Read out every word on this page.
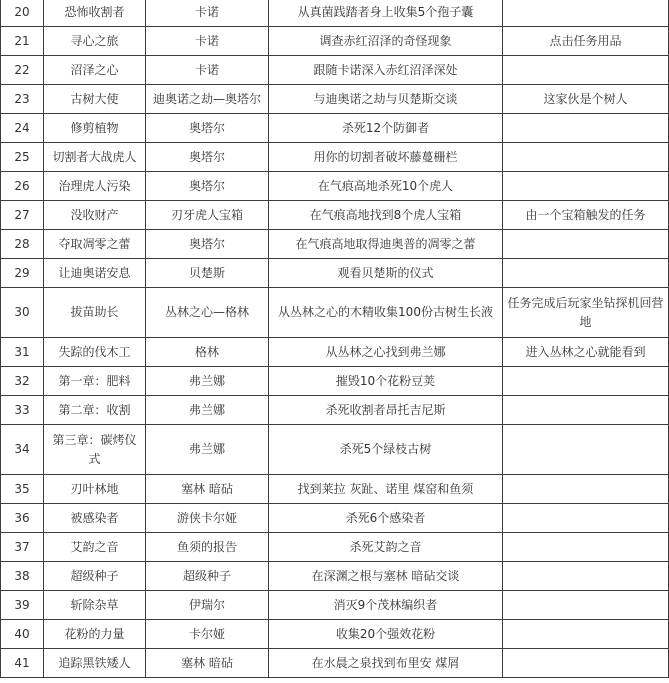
20	恐怖收割者	卡诺	从真菌践踏者身上收集5个孢子囊	
21	寻心之旅	卡诺	调查赤红沼泽的奇怪现象	点击任务用品
22	沼泽之心	卡诺	跟随卡诺深入赤红沼泽深处	
23	古树大使	迪奥诺之劫—奥塔尔	与迪奥诺之劫与贝楚斯交谈	这家伙是个树人
24	修剪植物	奥塔尔	杀死12个防御者	
25	切割者大战虎人	奥塔尔	用你的切割者破坏藤蔓栅栏	
26	治理虎人污染	奥塔尔	在气痕高地杀死10个虎人	
27	没收财产	刃牙虎人宝箱	在气痕高地找到8个虎人宝箱	由一个宝箱触发的任务
28	夺取凋零之蕾	奥塔尔	在气痕高地取得迪奥普的凋零之蕾	
29	让迪奥诺安息	贝楚斯	观看贝楚斯的仪式	
30	拔苗助长	丛林之心—格林	从丛林之心的木精收集100份古树生长液	任务完成后玩家坐钻探机回营地
31	失踪的伐木工	格林	从丛林之心找到弗兰娜	进入丛林之心就能看到
32	第一章：肥料	弗兰娜	摧毁10个花粉豆荚	
33	第二章：收割	弗兰娜	杀死收割者昂托吉尼斯	
34	第三章：碳烤仪式	弗兰娜	杀死5个绿枝古树	
35	刃叶林地	塞林 暗砧	找到莱拉 灰趾、诺里 煤窑和鱼须	
36	被感染者	游侠卡尔娅	杀死6个感染者	
37	艾韵之音	鱼须的报告	杀死艾韵之音	
38	超级种子	超级种子	在深渊之根与塞林 暗砧交谈	
39	斩除杂草	伊瑞尔	消灭9个茂林编织者	
40	花粉的力量	卡尔娅	收集20个强效花粉	
41	追踪黑铁矮人	塞林 暗砧	在水晨之泉找到布里安 煤屑	
